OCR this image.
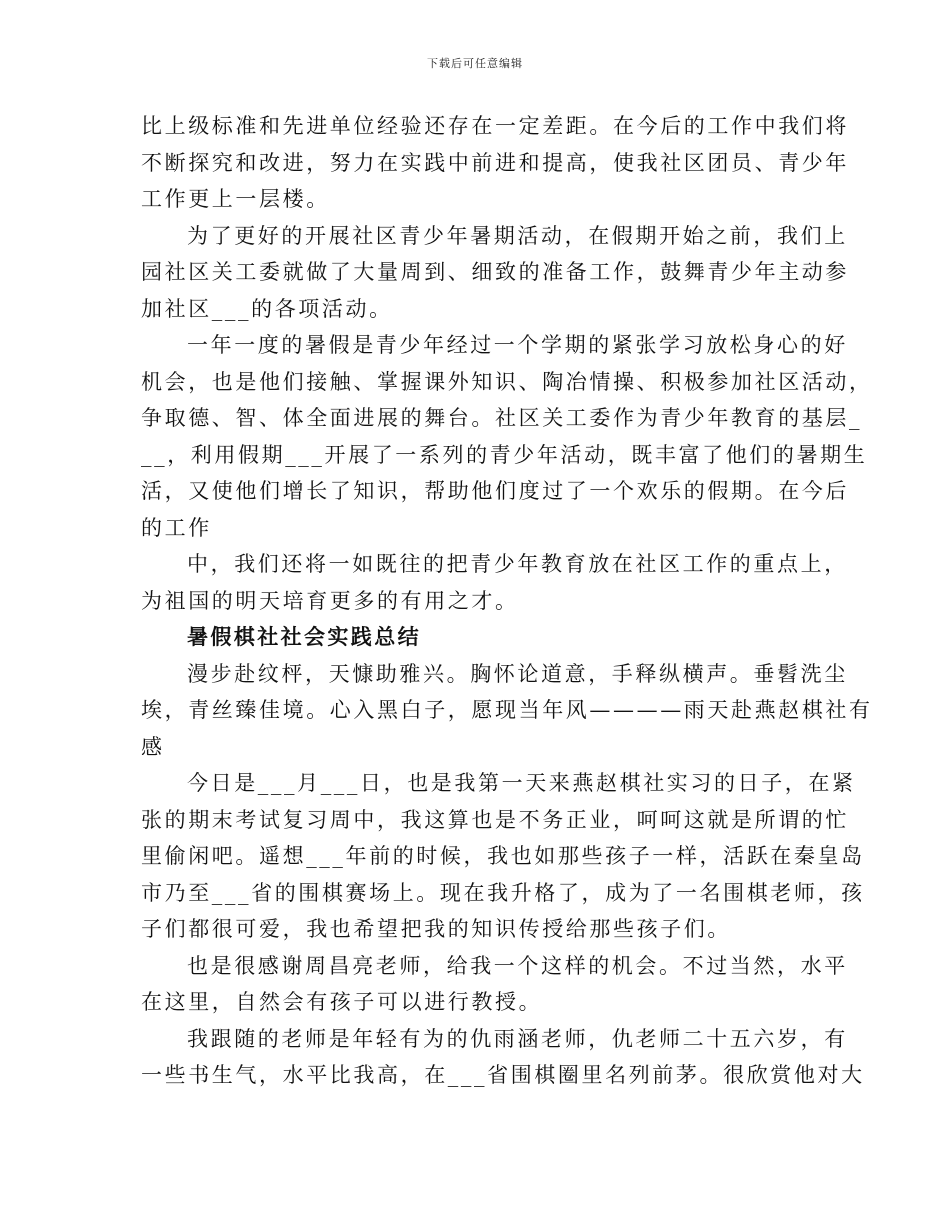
下载后可任意编辑
比上级标准和先进单位经验还存在一定差距。在今后的工作中我们将
不断探究和改进，努力在实践中前进和提高，使我社区团员、青少年
工作更上一层楼。
为了更好的开展社区青少年暑期活动，在假期开始之前，我们上
园社区关工委就做了大量周到、细致的准备工作，鼓舞青少年主动参
加社区___的各项活动。
一年一度的暑假是青少年经过一个学期的紧张学习放松身心的好
机会，也是他们接触、掌握课外知识、陶冶情操、积极参加社区活动，
争取德、智、体全面进展的舞台。社区关工委作为青少年教育的基层_
__，利用假期___开展了一系列的青少年活动，既丰富了他们的暑期生
活，又使他们增长了知识，帮助他们度过了一个欢乐的假期。在今后
的工作
中，我们还将一如既往的把青少年教育放在社区工作的重点上，
为祖国的明天培育更多的有用之才。
暑假棋社社会实践总结
漫步赴纹枰，天慷助雅兴。胸怀论道意，手释纵横声。垂髫洗尘
埃，青丝臻佳境。心入黑白子，愿现当年风————雨天赴燕赵棋社有
感
今日是___月___日，也是我第一天来燕赵棋社实习的日子，在紧
张的期末考试复习周中，我这算也是不务正业，呵呵这就是所谓的忙
里偷闲吧。遥想___年前的时候，我也如那些孩子一样，活跃在秦皇岛
市乃至___省的围棋赛场上。现在我升格了，成为了一名围棋老师，孩
子们都很可爱，我也希望把我的知识传授给那些孩子们。
也是很感谢周昌亮老师，给我一个这样的机会。不过当然，水平
在这里，自然会有孩子可以进行教授。
我跟随的老师是年轻有为的仇雨涵老师，仇老师二十五六岁，有
一些书生气，水平比我高，在___省围棋圈里名列前茅。很欣赏他对大
